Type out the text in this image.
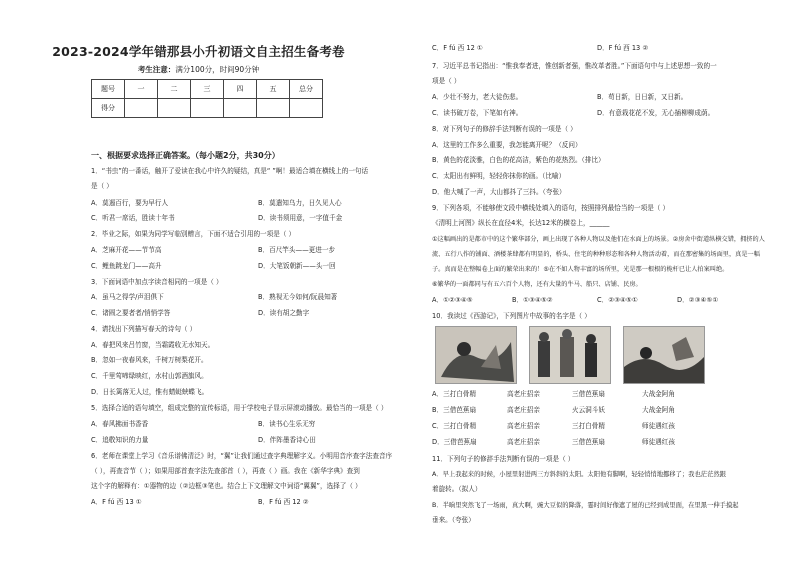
2023-2024学年错那县小升初语文自主招生备考卷
考生注意：满分100分，时间90分钟
题号	一	二	三	四	五	总分
得分						
一、根据要求选择正确答案。（每小题2分，共30分）
1．“书虫”的一番话，触开了爱读在我心中许久的疑结，真是“ ”啊！最适合填在横线上的一句话
是（ ）
A．莫遏百行，要为早行人	B．莫遣知乌力，日久见人心
C．听君一席话，胜读十年书	D．读书须用意，一字值千金
2．毕业之际，如果为同学写临别赠言，下面不适合引用的一项是（ ）
A．芝麻开花——节节高	B．百尺竿头——更进一步
C．鲤鱼跳龙门——高升	D．大笔饭朝新——头一回
3．下面词语中加点字读音相同的一项是（ ）
A．虽马之得学/声泪俱下	B．熟视无今如何/阮晨知著
C．诸圆之要者者/悄悄学答	D．读有胡之勤字
4．请找出下列描写春天的诗句（ ）
A．春把风来吕竹窗，当霜霞收无水知天。
B．忽如一夜春风来，千树万树梨花开。
C．千里莺啼绿映红，水村山郭酒旗风。
D．日长篱落无人过，惟有蜻蜓蛱蝶飞。
5．选择合适的语句填空，组成完整的宣传标语，用于学校电子显示屏滚动播放。最恰当的一项是（ ）
A．春风拂面书香香	B．读书心生乐无穷
C．追敬知识的力量	D．伴阵墨香诗心田
6．老师在课堂上学习《音乐谱佛清泛》时，“翼”让我们通过查字典理解字义。小明用音序查字法查音序
（ ），再查音节（ ）；如果用部首查字法先查部首（ ），再查（ ）画。我在《新华字典》查到
这个字的解释有：①器物的边（②边框③笔也。结合上下文理解文中词语“翼翼”，选择了（ ）
A．F fú 西 13 ①	B．F fú 西 12 ②
C．F fú 西 12 ①	D．F fú 西 13 ②
7．习近平总书记指出：“惟我奉者进，惟创新者强，惟改革者胜。”下面语句中与上述思想一致的一
项是（ ）
A．少壮不努力，老大徒伤悲。	B．苟日新，日日新，又日新。
C．读书破万卷，下笔如有神。	D．有意栽花花不发，无心插柳柳成荫。
8．对下列句子的修辞手法判断有误的一项是（ ）
A．这里的工作多么重要，我怎能离开呢？（反问）
B．黄色的花淡雅，白色的花高洁，紫色的花热烈。（排比）
C．太阳出有鲜明，轻轻你抹你的画。（比喻）
D．他大喊了一声，大山都抖了三抖。（夸张）
9．下列各项，不能够使文段中横线处填入的语句，按照排列最恰当的一项是（ ）
《清明上河图》纵长在直径4米，长达12米的横卷上，______
①这幅画出的是都市中的这个繁华部分，画上出现了各种人物以及他们在水面上的场景。②房舍中街道纵横交错，拥挤的人
流、五行八作的铺面、酒楼茶肆都有明显的，桥头、住宅的种种形态和各种人物活动着，而在那密集的场面里，真是一幅
子。真而是在整幅卷上面的繁荣出来的！⑤在不如人物丰富的场所里，光是那一根根的桅杆已让人拍案叫绝。
⑥繁华的一面都同与有五六百个人物，还有大量的牛马、船只、店铺、民房。
A．①②③④⑤	B．①③④⑤②	C．②③④⑤①	D．②③④⑤①
10．我读过《西游记》，下列图片中故事的名字是（ ）
A．三打白骨精	高老庄招亲	三借芭蕉扇	大战金阿角
B．三借芭蕉扇	高老庄招亲	火云洞斗妖	大战金阿角
C．三打白骨精	高老庄招亲	三打白骨精	师徒遇红孩
D．三借芭蕉扇	高老庄招亲	三借芭蕉扇	师徒遇红孩
11．下列句子的修辞手法判断有误的一项是（ ）
A．早上我起来的时候，小屋里射进两三方斜斜的太阳。太阳他有脚啊，轻轻悄悄地挪移了；我也茫茫然跟
着旋转。（拟人）
B．半晌里突然飞了一场雨，真大啊，豌大豆似的降落，霎时间好像遮了屋的已经到成里面，在里黑一伸手摸起
垂来。（夸张）
